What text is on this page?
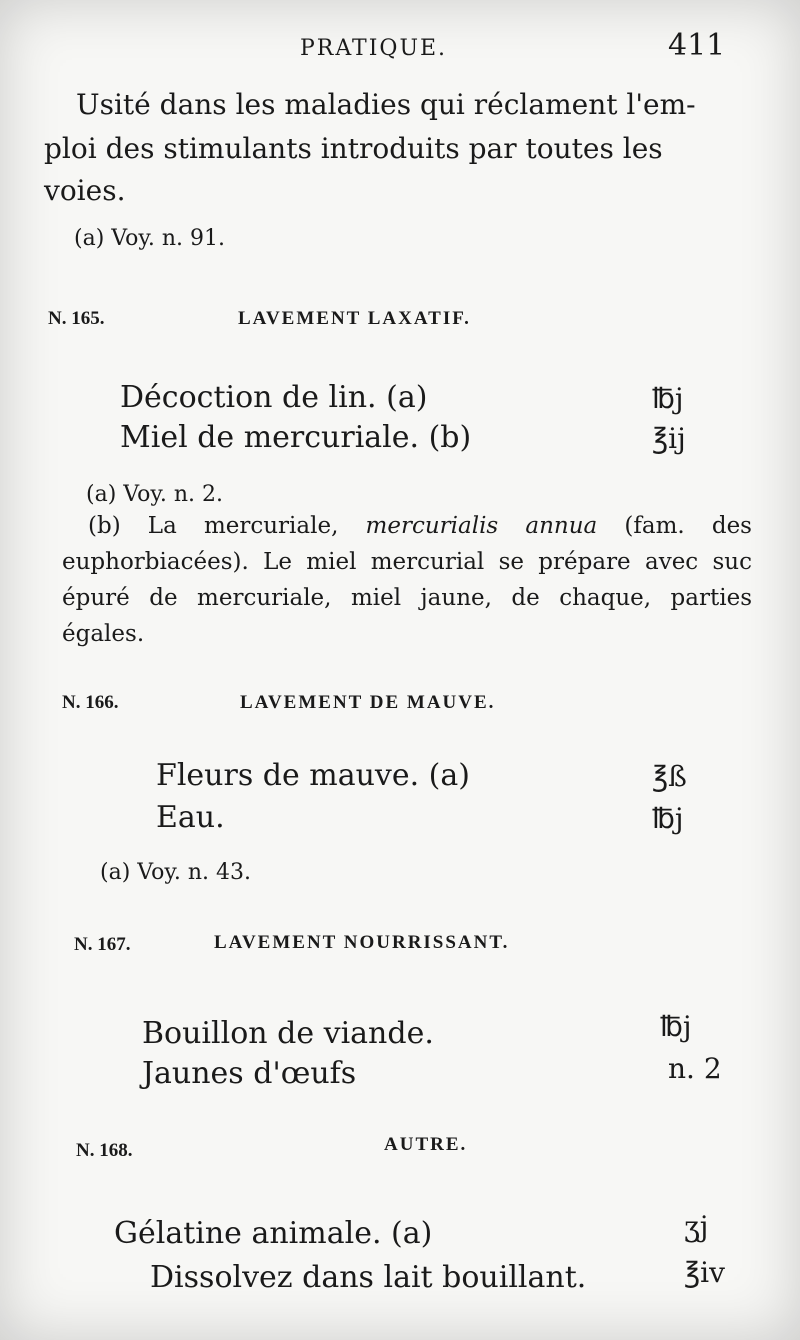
PRATIQUE.	411
Usité dans les maladies qui réclament l'em-
ploi des stimulants introduits par toutes les
voies.
(a) Voy. n. 91.
N. 165.	LAVEMENT LAXATIF.
Décoction de lin. (a)	℔j
Miel de mercuriale. (b)	℥ij
(a) Voy. n. 2.
(b) La mercuriale, mercurialis annua (fam. des euphorbiacées). Le miel mercurial se prépare avec suc épuré de mercuriale, miel jaune, de chaque, parties égales.
N. 166.	LAVEMENT DE MAUVE.
Fleurs de mauve. (a)	℥ß
Eau.	℔j
(a) Voy. n. 43.
N. 167.	LAVEMENT NOURRISSANT.
Bouillon de viande.	℔j
Jaunes d'œufs	n. 2
N. 168.	AUTRE.
Gélatine animale. (a)	ʒj
Dissolvez dans lait bouillant.	℥iv
